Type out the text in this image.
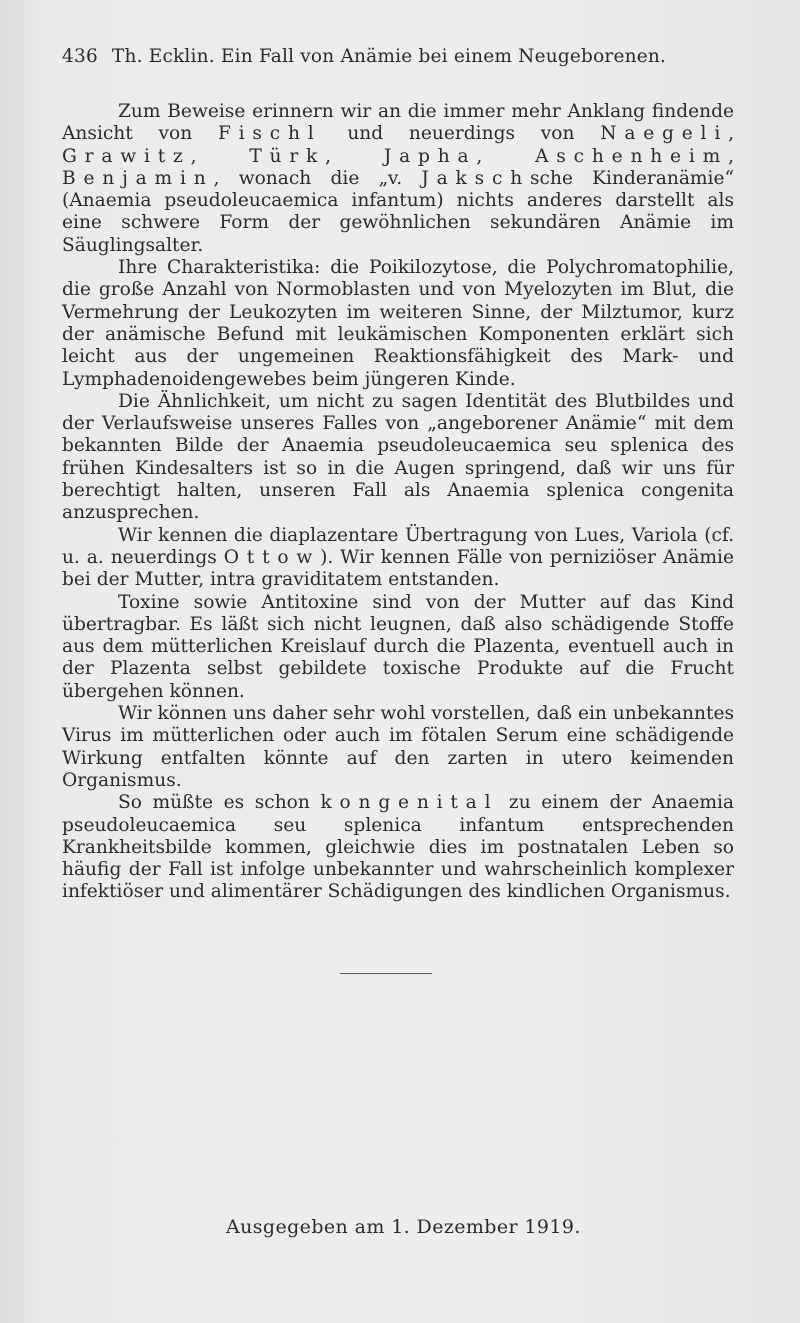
436 Th. Ecklin. Ein Fall von Anämie bei einem Neugeborenen.

Zum Beweise erinnern wir an die immer mehr Anklang findende Ansicht von Fischl und neuerdings von Naegeli, Grawitz, Türk, Japha, Aschenheim, Benjamin, wonach die „v. Jakschsche Kinderanämie“ (Anaemia pseudoleucaemica infantum) nichts anderes darstellt als eine schwere Form der gewöhnlichen sekundären Anämie im Säuglingsalter.

Ihre Charakteristika: die Poikilozytose, die Polychromatophilie, die große Anzahl von Normoblasten und von Myelozyten im Blut, die Vermehrung der Leukozyten im weiteren Sinne, der Milztumor, kurz der anämische Befund mit leukämischen Komponenten erklärt sich leicht aus der ungemeinen Reaktionsfähigkeit des Mark- und Lymphadenoidengewebes beim jüngeren Kinde.

Die Ähnlichkeit, um nicht zu sagen Identität des Blutbildes und der Verlaufsweise unseres Falles von „angeborener Anämie“ mit dem bekannten Bilde der Anaemia pseudoleucaemica seu splenica des frühen Kindesalters ist so in die Augen springend, daß wir uns für berechtigt halten, unseren Fall als Anaemia splenica congenita anzusprechen.

Wir kennen die diaplazentare Übertragung von Lues, Variola (cf. u. a. neuerdings Ottow). Wir kennen Fälle von perniziöser Anämie bei der Mutter, intra graviditatem entstanden.

Toxine sowie Antitoxine sind von der Mutter auf das Kind übertragbar. Es läßt sich nicht leugnen, daß also schädigende Stoffe aus dem mütterlichen Kreislauf durch die Plazenta, eventuell auch in der Plazenta selbst gebildete toxische Produkte auf die Frucht übergehen können.

Wir können uns daher sehr wohl vorstellen, daß ein unbekanntes Virus im mütterlichen oder auch im fötalen Serum eine schädigende Wirkung entfalten könnte auf den zarten in utero keimenden Organismus.

So müßte es schon kongenital zu einem der Anaemia pseudoleucaemica seu splenica infantum entsprechenden Krankheitsbilde kommen, gleichwie dies im postnatalen Leben so häufig der Fall ist infolge unbekannter und wahrscheinlich komplexer infektiöser und alimentärer Schädigungen des kindlichen Organismus.

Ausgegeben am 1. Dezember 1919.
